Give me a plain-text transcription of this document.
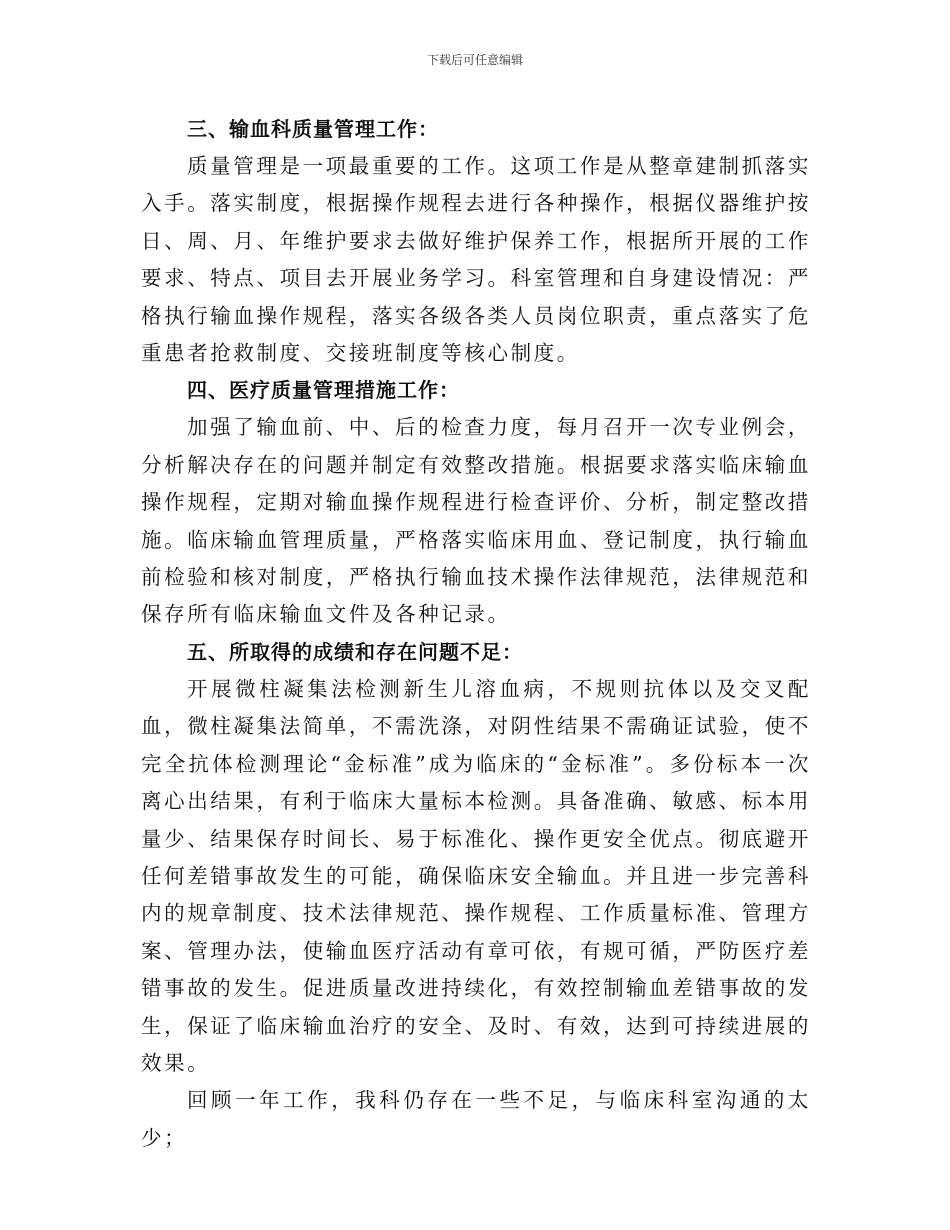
下载后可任意编辑
三、输血科质量管理工作：

质量管理是一项最重要的工作。这项工作是从整章建制抓落实入手。落实制度，根据操作规程去进行各种操作，根据仪器维护按日、周、月、年维护要求去做好维护保养工作，根据所开展的工作要求、特点、项目去开展业务学习。科室管理和自身建设情况：严格执行输血操作规程，落实各级各类人员岗位职责，重点落实了危重患者抢救制度、交接班制度等核心制度。

四、医疗质量管理措施工作：

加强了输血前、中、后的检查力度，每月召开一次专业例会，分析解决存在的问题并制定有效整改措施。根据要求落实临床输血操作规程，定期对输血操作规程进行检查评价、分析，制定整改措施。临床输血管理质量，严格落实临床用血、登记制度，执行输血前检验和核对制度，严格执行输血技术操作法律规范，法律规范和保存所有临床输血文件及各种记录。

五、所取得的成绩和存在问题不足：

开展微柱凝集法检测新生儿溶血病，不规则抗体以及交叉配血，微柱凝集法简单，不需洗涤，对阴性结果不需确证试验，使不完全抗体检测理论“金标准”成为临床的“金标准”。多份标本一次离心出结果，有利于临床大量标本检测。具备准确、敏感、标本用量少、结果保存时间长、易于标准化、操作更安全优点。彻底避开任何差错事故发生的可能，确保临床安全输血。并且进一步完善科内的规章制度、技术法律规范、操作规程、工作质量标准、管理方案、管理办法，使输血医疗活动有章可依，有规可循，严防医疗差错事故的发生。促进质量改进持续化，有效控制输血差错事故的发生，保证了临床输血治疗的安全、及时、有效，达到可持续进展的效果。

回顾一年工作，我科仍存在一些不足，与临床科室沟通的太少；
